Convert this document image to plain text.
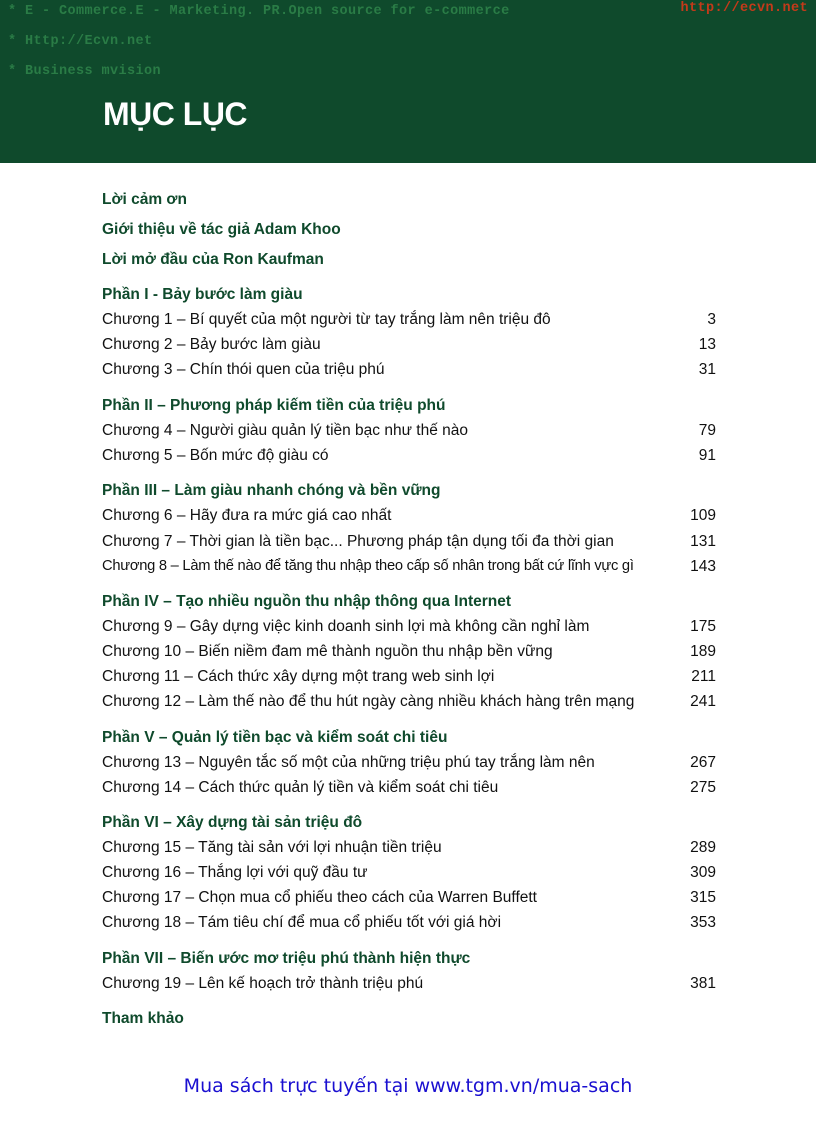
* E - Commerce.E - Marketing. PR.Open source for e-commerce
* Http://Ecvn.net
* Business mvision
http://ecvn.net
MỤC LỤC
Lời cảm ơn
Giới thiệu về tác giả Adam Khoo
Lời mở đầu của Ron Kaufman
Phần I - Bảy bước làm giàu
Chương 1 – Bí quyết của một người từ tay trắng làm nên triệu đô	3
Chương 2 – Bảy bước làm giàu	13
Chương 3 – Chín thói quen của triệu phú	31
Phần II – Phương pháp kiếm tiền của triệu phú
Chương 4 – Người giàu quản lý tiền bạc như thế nào	79
Chương 5 – Bốn mức độ giàu có	91
Phần III – Làm giàu nhanh chóng và bền vững
Chương 6 – Hãy đưa ra mức giá cao nhất	109
Chương 7 – Thời gian là tiền bạc... Phương pháp tận dụng tối đa thời gian	131
Chương 8 – Làm thế nào để tăng thu nhập theo cấp số nhân trong bất cứ lĩnh vực gì	143
Phần IV – Tạo nhiều nguồn thu nhập thông qua Internet
Chương 9 – Gây dựng việc kinh doanh sinh lợi mà không cần nghỉ làm	175
Chương 10 – Biến niềm đam mê thành nguồn thu nhập bền vững	189
Chương 11 – Cách thức xây dựng một trang web sinh lợi	211
Chương 12 – Làm thế nào để thu hút ngày càng nhiều khách hàng trên mạng	241
Phần V – Quản lý tiền bạc và kiểm soát chi tiêu
Chương 13 – Nguyên tắc số một của những triệu phú tay trắng làm nên	267
Chương 14 – Cách thức quản lý tiền và kiểm soát chi tiêu	275
Phần VI – Xây dựng tài sản triệu đô
Chương 15 – Tăng tài sản với lợi nhuận tiền triệu	289
Chương 16 – Thắng lợi với quỹ đầu tư	309
Chương 17 – Chọn mua cổ phiếu theo cách của Warren Buffett	315
Chương 18 – Tám tiêu chí để mua cổ phiếu tốt với giá hời	353
Phần VII – Biến ước mơ triệu phú thành hiện thực
Chương 19 – Lên kế hoạch trở thành triệu phú	381
Tham khảo
Mua sách trực tuyến tại www.tgm.vn/mua-sach
